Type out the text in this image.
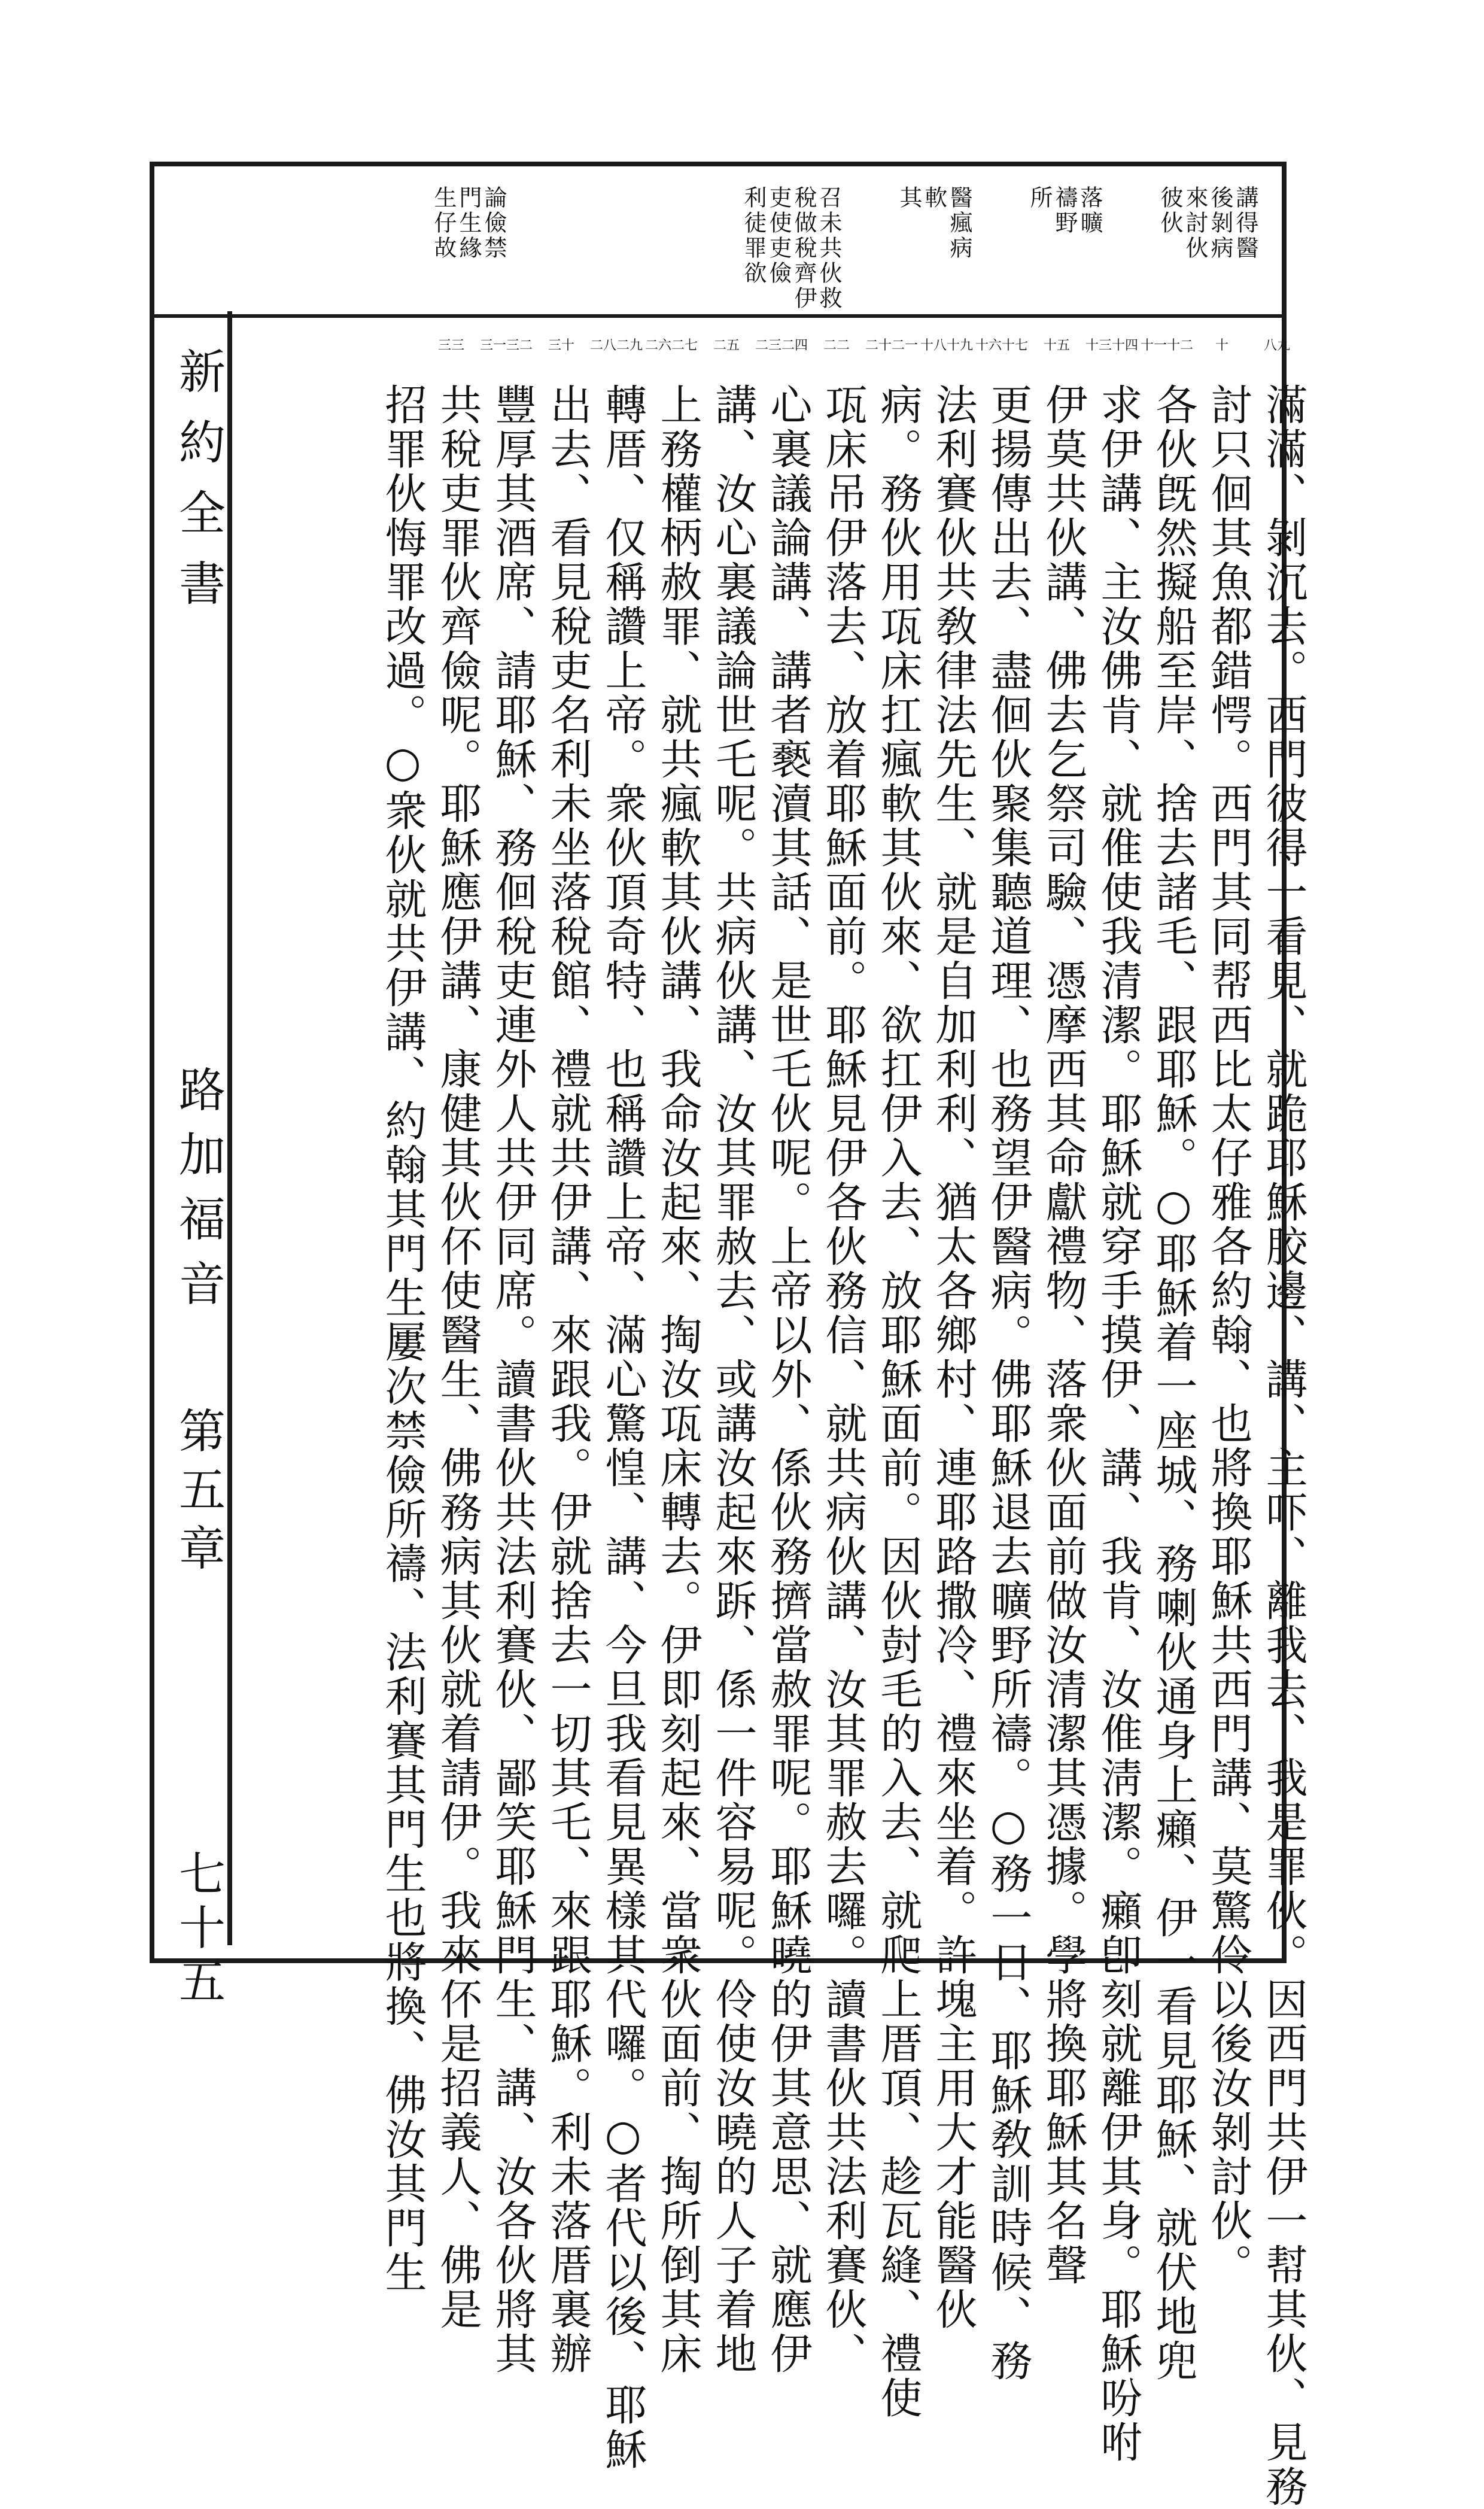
講得醫
後剝病
來討伙
彼伙
落曠
禱野
所
醫瘋病
軟
其
召未共伙救
稅做稅齊伊
吏使吏儉
利徒罪欲
論儉禁
門生緣
生仔故
八九
十
十一十二
十三十四
十五
十六十七
十八十九
二十二一
二二
二三二四
二五
二六二七
二八二九
三十
三一三二
三三
滿滿、剝沉去。西門彼得一看見、就跪耶穌胶邊、講、主吓、離我去、我是罪伙。因西門共伊一幇其伙、見務
討只佪其魚都錯愕。西門其同帮西比太仔雅各約翰、也將換耶穌共西門講、莫驚伶以後汝剝討伙。
各伙旣然擬船至岸、捨去諸毛、跟耶穌。○耶穌着一座城、務喇伙通身上癩、伊一看見耶穌、就伏地兜
求伊講、主汝佛肯、就倠使我清潔。耶穌就穿手摸伊、講、我肯、汝倠淸潔。癩卽刻就離伊其身。耶穌吩咐
伊莫共伙講、佛去乞祭司驗、憑摩西其命獻禮物、落衆伙面前做汝清潔其憑據。學將換耶穌其名聲
更揚傳出去、盡佪伙聚集聽道理、也務望伊醫病。佛耶穌退去曠野所禱。○務一日、耶穌敎訓時候、務
法利賽伙共敎律法先生、就是自加利利、猶太各鄉村、連耶路撒冷、禮來坐着。許塊主用大才能醫伙
病。務伙用瓨床扛瘋軟其伙來、欲扛伊入去、放耶穌面前。因伙尌毛的入去、就爬上厝頂、趁瓦縫、禮使
瓨床吊伊落去、放着耶穌面前。耶穌見伊各伙務信、就共病伙講、汝其罪赦去囉。讀書伙共法利賽伙、
心裏議論講、講者褻瀆其話、是世乇伙呢。上帝以外、係伙務擠當赦罪呢。耶穌曉的伊其意思、就應伊
講、汝心裏議論世乇呢。共病伙講、汝其罪赦去、或講汝起來跅、係一件容易呢。伶使汝曉的人子着地
上務權柄赦罪、就共瘋軟其伙講、我命汝起來、掏汝瓨床轉去。伊即刻起來、當衆伙面前、掏所倒其床
轉厝、仅稱讚上帝。衆伙頂奇特、也稱讚上帝、滿心驚惶、講、今旦我看見異樣其代囉。○者代以後、耶穌
出去、看見稅吏名利未坐落稅館、禮就共伊講、來跟我。伊就捨去一切其乇、來跟耶穌。利未落厝裏辦
豐厚其酒席、請耶穌、務佪稅吏連外人共伊同席。讀書伙共法利賽伙、鄙笑耶穌門生、講、汝各伙將其
共稅吏罪伙齊儉呢。耶穌應伊講、康健其伙伓使醫生、佛務病其伙就着請伊。我來伓是招義人、佛是
招罪伙悔罪改過。○衆伙就共伊講、約翰其門生屢次禁儉所禱、法利賽其門生也將換、佛汝其門生
新約全書
路加福音
第五章
七十五
